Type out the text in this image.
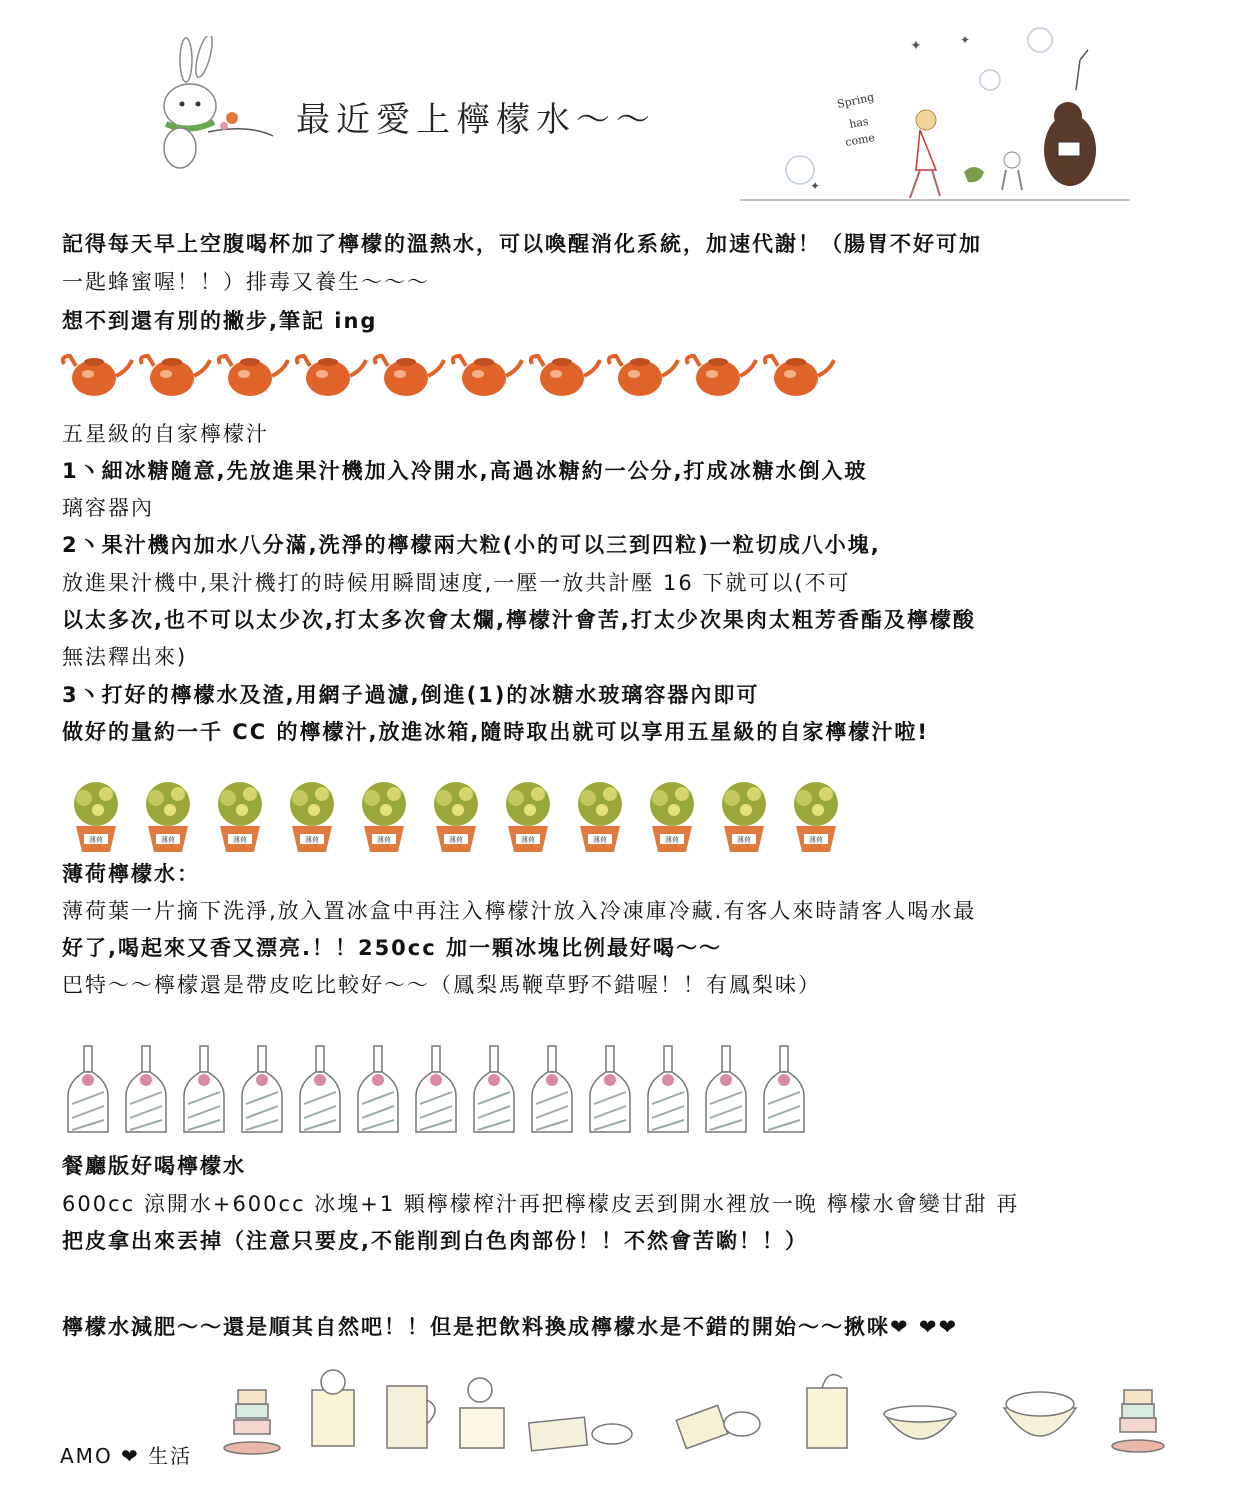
最近愛上檸檬水～～	Spring
has
come
✦	✦
✦
記得每天早上空腹喝杯加了檸檬的溫熱水，可以喚醒消化系統，加速代謝！（腸胃不好可加
一匙蜂蜜喔！！）排毒又養生～～～
想不到還有別的撇步,筆記 ing
五星級的自家檸檬汁
1丶細冰糖隨意,先放進果汁機加入冷開水,高過冰糖約一公分,打成冰糖水倒入玻
璃容器內
2丶果汁機內加水八分滿,洗淨的檸檬兩大粒(小的可以三到四粒)一粒切成八小塊,
放進果汁機中,果汁機打的時候用瞬間速度,一壓一放共計壓 16 下就可以(不可
以太多次,也不可以太少次,打太多次會太爛,檸檬汁會苦,打太少次果肉太粗芳香酯及檸檬酸
無法釋出來)
3丶打好的檸檬水及渣,用網子過濾,倒進(1)的冰糖水玻璃容器內即可
做好的量約一千 CC 的檸檬汁,放進冰箱,隨時取出就可以享用五星級的自家檸檬汁啦!
薄荷	薄荷	薄荷	薄荷	薄荷	薄荷	薄荷	薄荷	薄荷	薄荷	薄荷
薄荷檸檬水：
薄荷葉一片摘下洗淨,放入置冰盒中再注入檸檬汁放入冷凍庫冷藏.有客人來時請客人喝水最
好了,喝起來又香又漂亮.！！250cc 加一顆冰塊比例最好喝～～
巴特～～檸檬還是帶皮吃比較好～～（鳳梨馬鞭草野不錯喔！！有鳳梨味）
餐廳版好喝檸檬水
600cc 涼開水+600cc 冰塊+1 顆檸檬榨汁再把檸檬皮丟到開水裡放一晚 檸檬水會變甘甜 再
把皮拿出來丟掉（注意只要皮,不能削到白色肉部份！！不然會苦喲！！）
檸檬水減肥～～還是順其自然吧！！但是把飲料換成檸檬水是不錯的開始～～揪咪❤ ❤❤
AMO ❤ 生活
